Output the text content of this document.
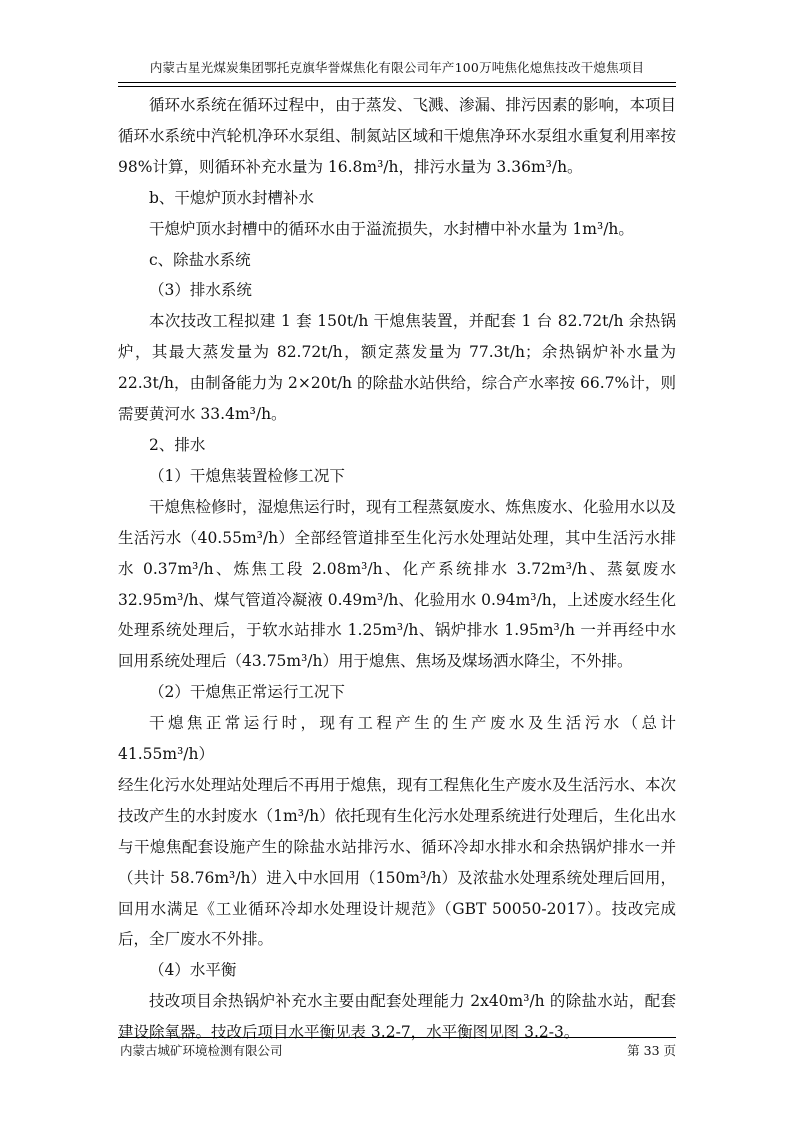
内蒙古星光煤炭集团鄂托克旗华誉煤焦化有限公司年产100万吨焦化熄焦技改干熄焦项目

循环水系统在循环过程中，由于蒸发、飞溅、渗漏、排污因素的影响，本项目循环水系统中汽轮机净环水泵组、制氮站区域和干熄焦净环水泵组水重复利用率按 98%计算，则循环补充水量为 16.8m³/h，排污水量为 3.36m³/h。

b、干熄炉顶水封槽补水

干熄炉顶水封槽中的循环水由于溢流损失，水封槽中补水量为 1m³/h。

c、除盐水系统

（3）排水系统

本次技改工程拟建 1 套 150t/h 干熄焦装置，并配套 1 台 82.72t/h 余热锅炉，其最大蒸发量为 82.72t/h，额定蒸发量为 77.3t/h；余热锅炉补水量为 22.3t/h，由制备能力为 2×20t/h 的除盐水站供给，综合产水率按 66.7%计，则需要黄河水 33.4m³/h。

2、排水

（1）干熄焦装置检修工况下

干熄焦检修时，湿熄焦运行时，现有工程蒸氨废水、炼焦废水、化验用水以及生活污水（40.55m³/h）全部经管道排至生化污水处理站处理，其中生活污水排水 0.37m³/h、炼焦工段 2.08m³/h、化产系统排水 3.72m³/h、蒸氨废水 32.95m³/h、煤气管道冷凝液 0.49m³/h、化验用水 0.94m³/h，上述废水经生化处理系统处理后，于软水站排水 1.25m³/h、锅炉排水 1.95m³/h 一并再经中水回用系统处理后（43.75m³/h）用于熄焦、焦场及煤场洒水降尘，不外排。

（2）干熄焦正常运行工况下

干熄焦正常运行时，现有工程产生的生产废水及生活污水（总计 41.55m³/h）

经生化污水处理站处理后不再用于熄焦，现有工程焦化生产废水及生活污水、本次技改产生的水封废水（1m³/h）依托现有生化污水处理系统进行处理后，生化出水与干熄焦配套设施产生的除盐水站排污水、循环冷却水排水和余热锅炉排水一并（共计 58.76m³/h）进入中水回用（150m³/h）及浓盐水处理系统处理后回用，回用水满足《工业循环冷却水处理设计规范》（GBT 50050-2017）。技改完成后，全厂废水不外排。

（4）水平衡

技改项目余热锅炉补充水主要由配套处理能力 2x40m³/h 的除盐水站，配套建设除氧器。技改后项目水平衡见表 3.2-7，水平衡图见图 3.2-3。

内蒙古城矿环境检测有限公司	第 33 页
